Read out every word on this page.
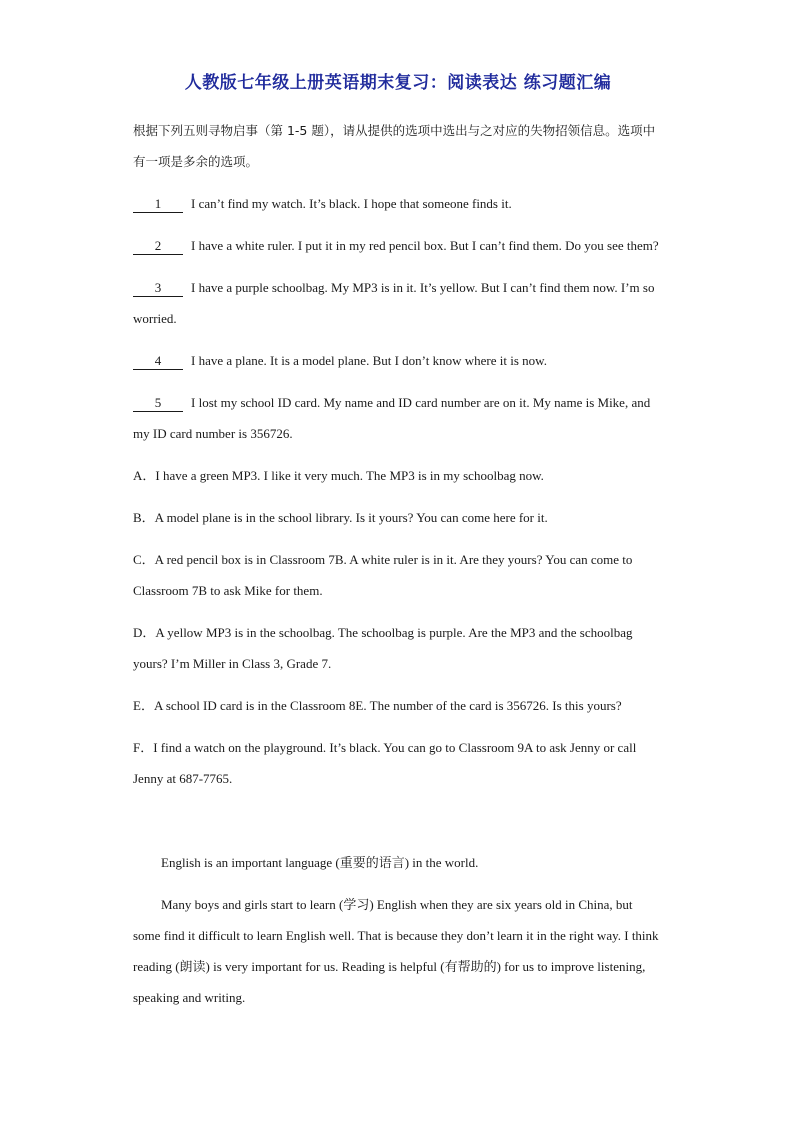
人教版七年级上册英语期末复习：阅读表达 练习题汇编
根据下列五则寻物启事（第 1-5 题），请从提供的选项中选出与之对应的失物招领信息。选项中有一项是多余的选项。
1 I can’t find my watch. It’s black. I hope that someone finds it.
2 I have a white ruler. I put it in my red pencil box. But I can’t find them. Do you see them?
3 I have a purple schoolbag. My MP3 is in it. It’s yellow. But I can’t find them now. I’m so worried.
4 I have a plane. It is a model plane. But I don’t know where it is now.
5 I lost my school ID card. My name and ID card number are on it. My name is Mike, and my ID card number is 356726.
A．I have a green MP3. I like it very much. The MP3 is in my schoolbag now.
B．A model plane is in the school library. Is it yours? You can come here for it.
C．A red pencil box is in Classroom 7B. A white ruler is in it. Are they yours? You can come to Classroom 7B to ask Mike for them.
D．A yellow MP3 is in the schoolbag. The schoolbag is purple. Are the MP3 and the schoolbag yours? I’m Miller in Class 3, Grade 7.
E．A school ID card is in the Classroom 8E. The number of the card is 356726. Is this yours?
F．I find a watch on the playground. It’s black. You can go to Classroom 9A to ask Jenny or call Jenny at 687-7765.
English is an important language (重要的语言) in the world.
Many boys and girls start to learn (学习) English when they are six years old in China, but some find it difficult to learn English well. That is because they don’t learn it in the right way. I think reading (朗读) is very important for us. Reading is helpful (有帮助的) for us to improve listening, speaking and writing.
